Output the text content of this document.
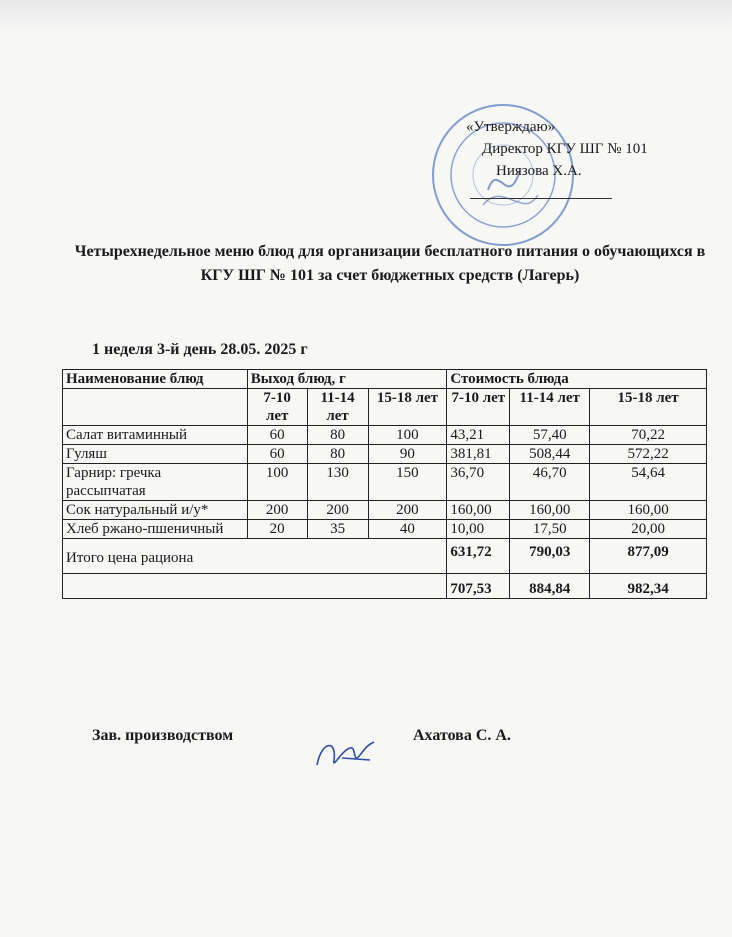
«Утверждаю»
Директор КГУ ШГ № 101
Ниязова Х.А.
Четырехнедельное меню блюд для организации бесплатного питания о обучающихся в КГУ ШГ № 101 за счет бюджетных средств (Лагерь)
1 неделя 3-й день 28.05. 2025 г
Наименование блюд	Выход блюд, г			Стоимость блюда		
	7-10 лет	11-14 лет	15-18 лет	7-10 лет	11-14 лет	15-18 лет
Салат витаминный	60	80	100	43,21	57,40	70,22
Гуляш	60	80	90	381,81	508,44	572,22
Гарнир: гречка рассыпчатая	100	130	150	36,70	46,70	54,64
Сок натуральный и/у*	200	200	200	160,00	160,00	160,00
Хлеб ржано-пшеничный	20	35	40	10,00	17,50	20,00
Итого цена рациона				631,72	790,03	877,09
				707,53	884,84	982,34
Зав. производством	Ахатова С. А.
